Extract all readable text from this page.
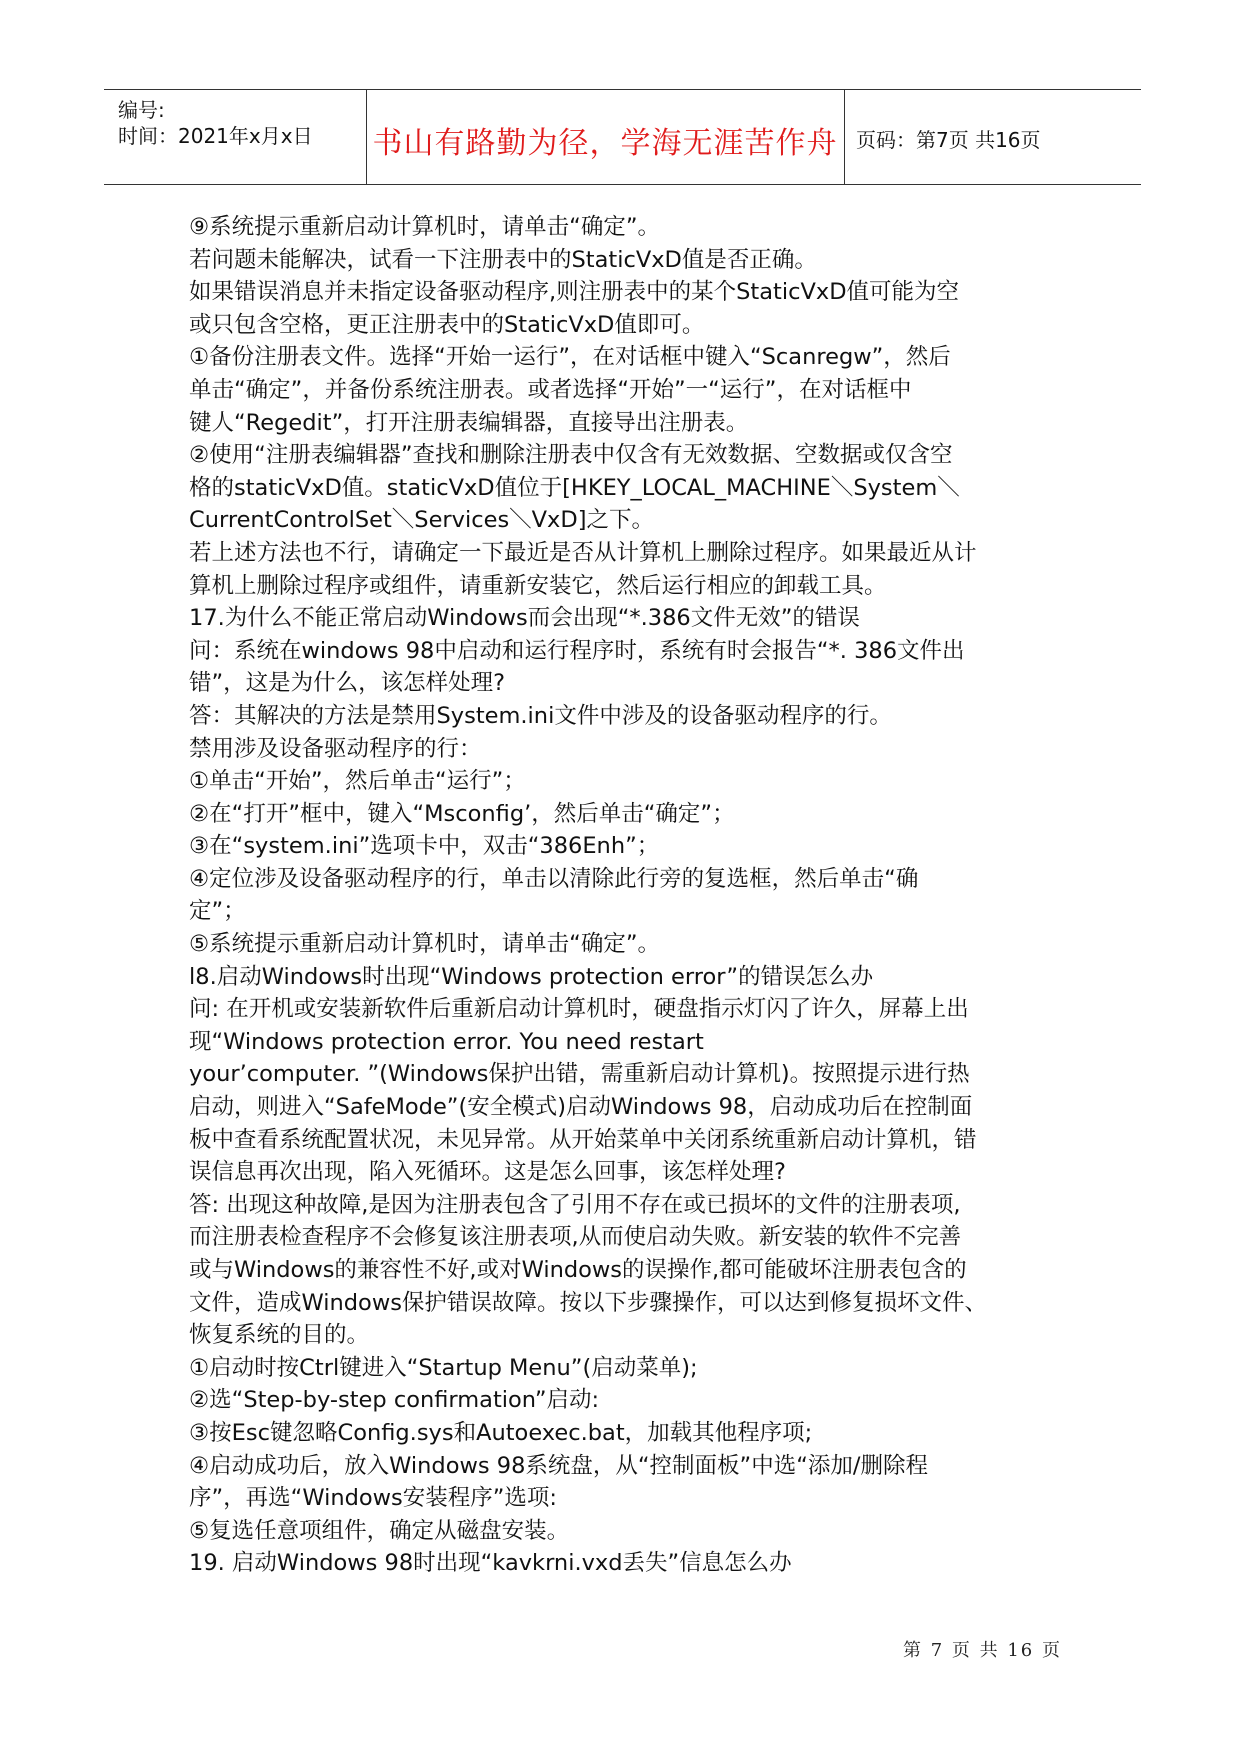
编号:
时间：2021年x月x日 书山有路勤为径，学海无涯苦作舟 页码：第7页 共16页
⑨系统提示重新启动计算机时，请单击“确定”。
若问题未能解决，试看一下注册表中的StaticVxD值是否正确。
如果错误消息并未指定设备驱动程序,则注册表中的某个StaticVxD值可能为空
或只包含空格，更正注册表中的StaticVxD值即可。
①备份注册表文件。选择“开始一运行”，在对话框中键入“Scanregw”，然后
单击“确定”，并备份系统注册表。或者选择“开始”一“运行”，在对话框中
键人“Regedit”，打开注册表编辑器，直接导出注册表。
②使用“注册表编辑器”查找和删除注册表中仅含有无效数据、空数据或仅含空
格的staticVxD值。staticVxD值位于[HKEY_LOCAL_MACHINE＼System＼
CurrentControlSet＼Services＼VxD]之下。
若上述方法也不行，请确定一下最近是否从计算机上删除过程序。如果最近从计
算机上删除过程序或组件，请重新安装它，然后运行相应的卸载工具。
17.为什么不能正常启动Windows而会出现“*.386文件无效”的错误
问：系统在windows 98中启动和运行程序时，系统有时会报告“*. 386文件出
错”，这是为什么，该怎样处理?
答：其解决的方法是禁用System.ini文件中涉及的设备驱动程序的行。
禁用涉及设备驱动程序的行：
①单击“开始”，然后单击“运行”；
②在“打开”框中，键入“Msconfig’，然后单击“确定”；
③在“system.ini”选项卡中，双击“386Enh”；
④定位涉及设备驱动程序的行，单击以清除此行旁的复选框，然后单击“确
定”；
⑤系统提示重新启动计算机时，请单击“确定”。
l8.启动Windows时出现“Windows protection error”的错误怎么办
问: 在开机或安装新软件后重新启动计算机时，硬盘指示灯闪了许久，屏幕上出
现“Windows protection error. You need restart
your’computer. ”(Windows保护出错，需重新启动计算机)。按照提示进行热
启动，则进入“SafeMode”(安全模式)启动Windows 98，启动成功后在控制面
板中查看系统配置状况，未见异常。从开始菜单中关闭系统重新启动计算机，错
误信息再次出现，陷入死循环。这是怎么回事，该怎样处理?
答: 出现这种故障,是因为注册表包含了引用不存在或已损坏的文件的注册表项,
而注册表检查程序不会修复该注册表项,从而使启动失败。新安装的软件不完善
或与Windows的兼容性不好,或对Windows的误操作,都可能破坏注册表包含的
文件，造成Windows保护错误故障。按以下步骤操作，可以达到修复损坏文件、
恢复系统的目的。
①启动时按Ctrl键进入“Startup Menu”(启动菜单);
②选“Step-by-step confirmation”启动:
③按Esc键忽略Config.sys和Autoexec.bat，加载其他程序项;
④启动成功后，放入Windows 98系统盘，从“控制面板”中选“添加/删除程
序”，再选“Windows安装程序”选项:
⑤复选任意项组件，确定从磁盘安装。
19. 启动Windows 98时出现“kavkrni.vxd丢失”信息怎么办
第 7 页 共 16 页
